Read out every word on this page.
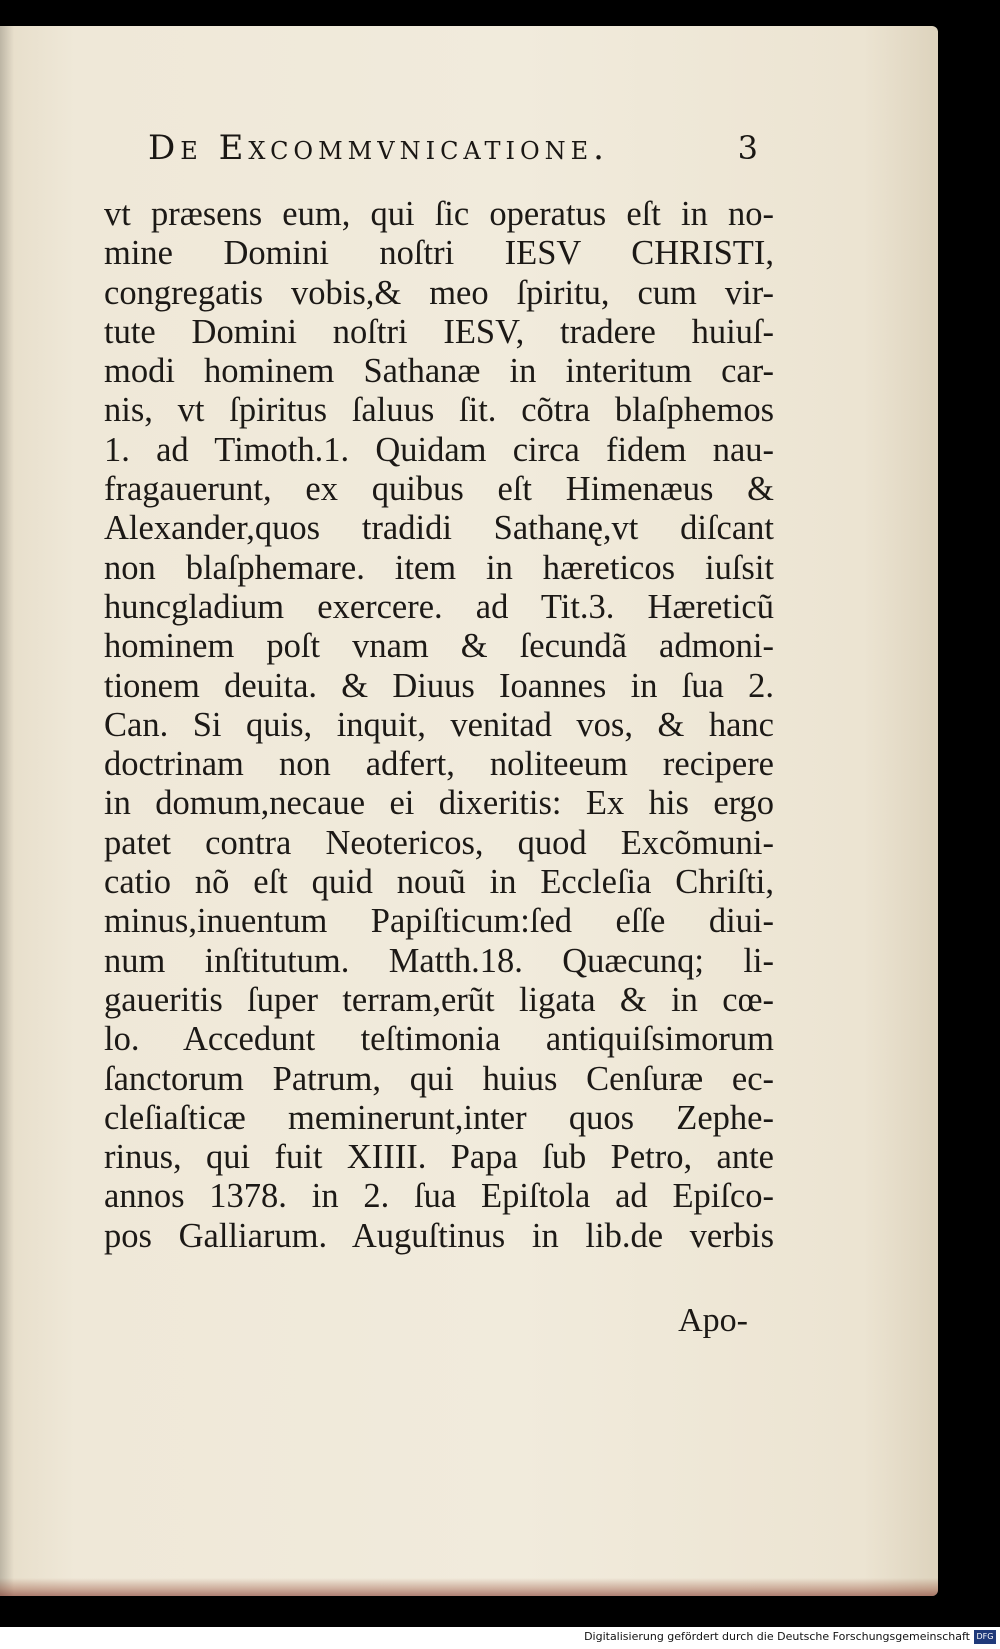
De Excommvnicatione.	3
vt præsens eum, qui ſic operatus eſt in no-
mine Domini noſtri IESV CHRISTI,
congregatis vobis,& meo ſpiritu, cum vir-
tute Domini noſtri IESV, tradere huiuſ-
modi hominem Sathanæ in interitum car-
nis, vt ſpiritus ſaluus ſit. cõtra blaſphemos
1. ad Timoth.1. Quidam circa fidem nau-
fragauerunt, ex quibus eſt Himenæus &
Alexander,quos tradidi Sathanę,vt diſcant
non blaſphemare. item in hæreticos iuſsit
huncgladium exercere. ad Tit.3. Hæreticũ
hominem poſt vnam & ſecundã admoni-
tionem deuita. & Diuus Ioannes in ſua 2.
Can. Si quis, inquit, venitad vos, & hanc
doctrinam non adfert, noliteeum recipere
in domum,necaue ei dixeritis: Ex his ergo
patet contra Neotericos, quod Excõmuni-
catio nõ eſt quid nouũ in Eccleſia Chriſti,
minus,inuentum Papiſticum:ſed eſſe diui-
num inſtitutum. Matth.18. Quæcunq; li-
gaueritis ſuper terram,erũt ligata & in cœ-
lo. Accedunt teſtimonia antiquiſsimorum
ſanctorum Patrum, qui huius Cenſuræ ec-
cleſiaſticæ meminerunt,inter quos Zephe-
rinus, qui fuit XIIII. Papa ſub Petro, ante
annos 1378. in 2. ſua Epiſtola ad Epiſco-
pos Galliarum. Auguſtinus in lib.de verbis
Apo-
Digitalisierung gefördert durch die Deutsche Forschungsgemeinschaft DFG
